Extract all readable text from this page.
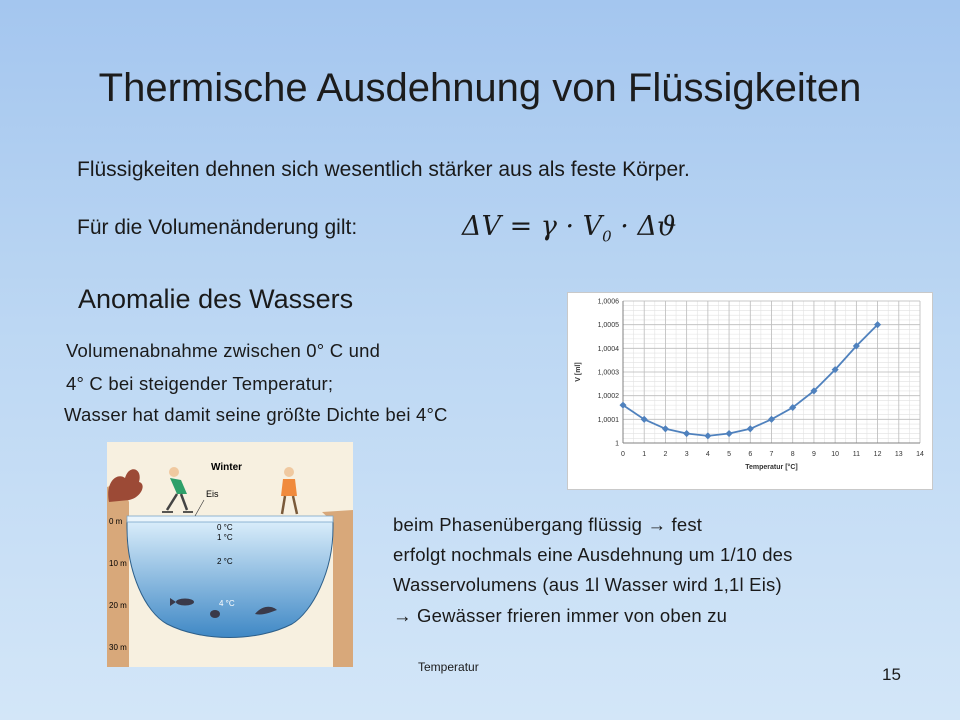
Thermische Ausdehnung von Flüssigkeiten
Flüssigkeiten dehnen sich wesentlich stärker aus als feste Körper.
Für die Volumenänderung gilt:	$\Delta V = \gamma \cdot V_0 \cdot \Delta ϑ$
Anomalie des Wassers
Volumenabnahme zwischen 0° C und
4° C bei steigender Temperatur;
Wasser hat damit seine größte Dichte bei 4°C
0 1 2 3 4 5 6 7 8 9 10 11 12 13 14
1
1,0001
1,0002
1,0003
1,0004
1,0005
1,0006
Temperatur [°C]
V [ml]
Winter
Eis
0 m
10 m
20 m
30 m
0 °C
1 °C
2 °C
4 °C
beim Phasenübergang flüssig → fest
erfolgt nochmals eine Ausdehnung um 1/10 des
Wasservolumens (aus 1l Wasser wird 1,1l Eis)
→ Gewässer frieren immer von oben zu
Temperatur	15
